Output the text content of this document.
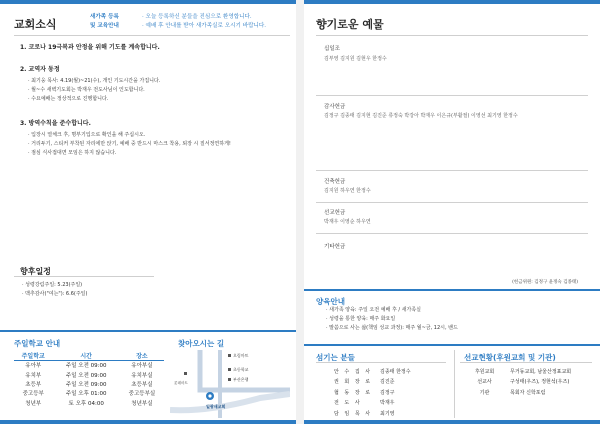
교회소식
새가족 등록	· 오늘 등록하신 분들을 진심으로 환영합니다.
및 교육안내	· 예배 후 안내를 받아 새가족실로 오시기 바랍니다.
1. 코로나 19극복과 안정을 위해 기도를 계속합니다.
2. 교역자 동정
· 최기웅 목사: 4.19(월)~21(수), 개인 기도시간을 가집니다.
· 월~수 새벽기도회는 박재우 전도사님이 인도합니다.
· 수요예배는 정상적으로 진행합니다.
3. 방역수칙을 준수합니다.
· 입장시 열체크 후, 명부기입으로 확인을 해 주십시오.
· 거리두기, 스티커 부착된 자리에만 앉기, 예배 중 반드시 마스크 착용, 퇴장 시 질서정연하게!
· 점심 식사접대면 모임은 하지 않습니다.
향후일정
· 성령강림주일: 5.23(주일)
· 맥추감사("여는"): 6.6(주일)
주일학교 안내
주일학교	시간	장소
유아부	주일 오전 09:00	유아부실
유치부	주일 오전 09:00	유치부실
초등부	주일 오전 09:00	초등부실
중고등부	주일 오후 01:00	중고등부실
청년부	토 오후 04:00	청년부실
찾아오시는 길
오림마트
초등학교
부산은행
롯데마트
일광새교회
향기로운 예물
십일조
김부영 김지원 김현우 한정수
감사헌금
김정구 김종태 김지현 김진준 류정숙 박강아 박재우 이은규(부활절) 이영선 최기영 한정수
건축헌금
김지원 하우연 한정수
선교헌금
박재우 이영순 하우연
기타헌금
(헌금위원: 김정구 윤정숙 김종태)
양육안내
· 새가족 양육: 주일 오전 예배 후 / 새가족실
· 성령을 통한 양육: 매주 화요일
· 말씀으로 사는 삶(책임 성교 과정): 매주 월~금, 12시, 밴드
섬기는 분들
안 수 집 사	김종태 한정수
권 회 장 로	김진준
협 동 장 로	김정구
전 도 사	박재우
담 임 목 사	최기영
선교현황(후원교회 및 기관)
후원교회	무거동교회, 남울산정표교회
선교사	구성태(우즈), 정현석(우즈)
기관	목회자 신학포럼
